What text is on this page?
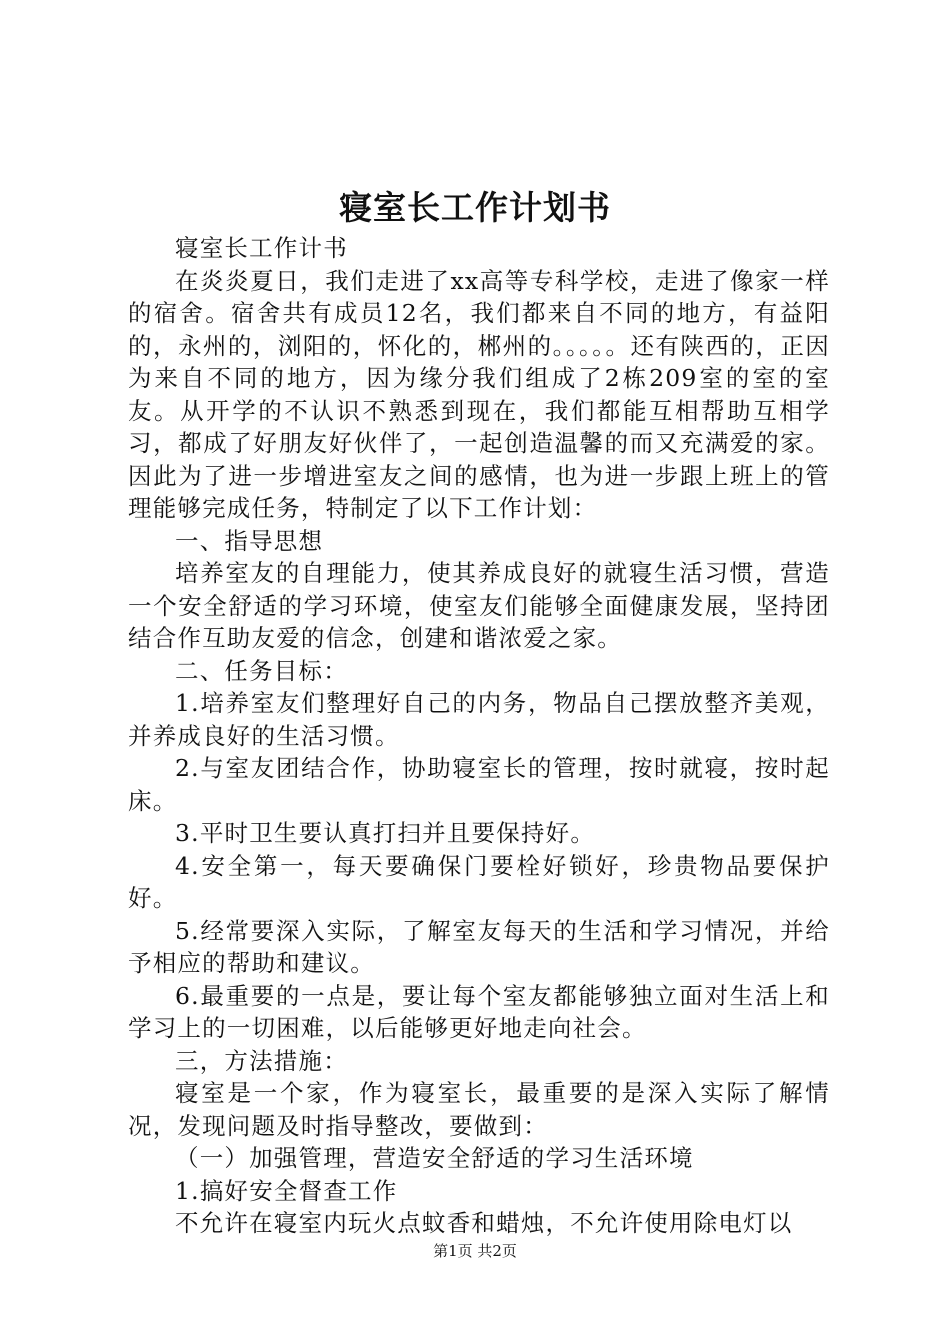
寝室长工作计划书

寝室长工作计书

在炎炎夏日，我们走进了xx高等专科学校，走进了像家一样的宿舍。宿舍共有成员12名，我们都来自不同的地方，有益阳的，永州的，浏阳的，怀化的，郴州的。。。。。还有陕西的，正因为来自不同的地方，因为缘分我们组成了2栋209室的室的室友。从开学的不认识不熟悉到现在，我们都能互相帮助互相学习，都成了好朋友好伙伴了，一起创造温馨的而又充满爱的家。因此为了进一步增进室友之间的感情，也为进一步跟上班上的管理能够完成任务，特制定了以下工作计划：

一、指导思想

培养室友的自理能力，使其养成良好的就寝生活习惯，营造一个安全舒适的学习环境，使室友们能够全面健康发展，坚持团结合作互助友爱的信念，创建和谐浓爱之家。

二、任务目标：

1.培养室友们整理好自己的内务，物品自己摆放整齐美观，并养成良好的生活习惯。

2.与室友团结合作，协助寝室长的管理，按时就寝，按时起床。

3.平时卫生要认真打扫并且要保持好。

4.安全第一，每天要确保门要栓好锁好，珍贵物品要保护好。

5.经常要深入实际，了解室友每天的生活和学习情况，并给予相应的帮助和建议。

6.最重要的一点是，要让每个室友都能够独立面对生活上和学习上的一切困难，以后能够更好地走向社会。

三，方法措施：

寝室是一个家，作为寝室长，最重要的是深入实际了解情况，发现问题及时指导整改，要做到：

（一）加强管理，营造安全舒适的学习生活环境

1.搞好安全督查工作

不允许在寝室内玩火点蚊香和蜡烛，不允许使用除电灯以

第1页 共2页
